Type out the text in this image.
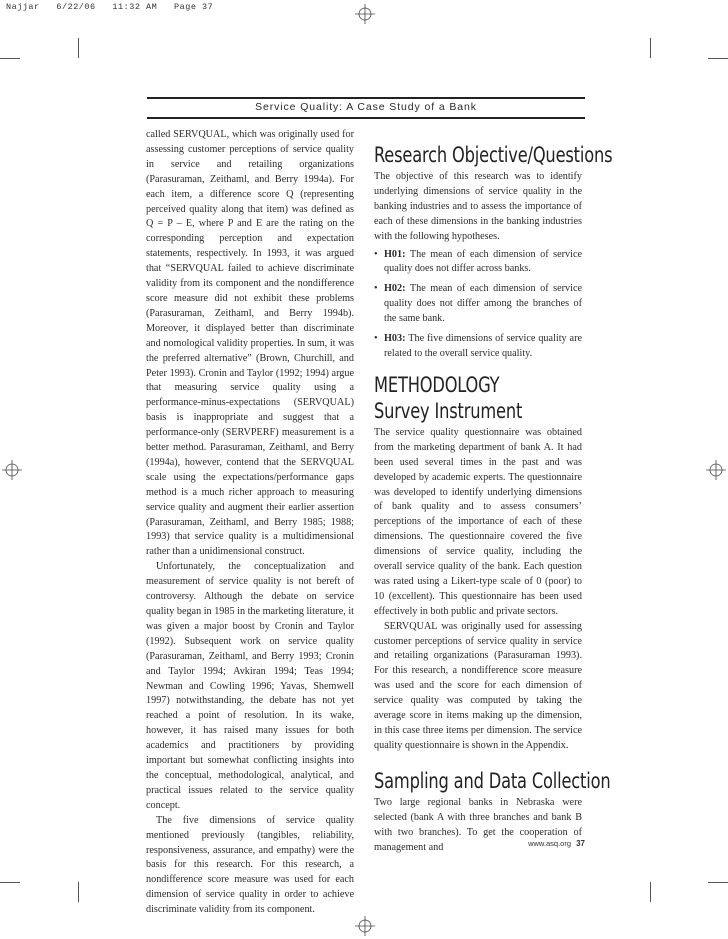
Najjar   6/22/06   11:32 AM   Page 37
Service Quality: A Case Study of a Bank

called SERVQUAL, which was originally used for assessing customer perceptions of service quality in service and retailing organizations (Parasuraman, Zeithaml, and Berry 1994a). For each item, a difference score Q (representing perceived quality along that item) was defined as Q = P – E, where P and E are the rating on the corresponding perception and expectation statements, respectively. In 1993, it was argued that “SERVQUAL failed to achieve discriminate validity from its component and the nondifference score measure did not exhibit these problems (Parasuraman, Zeithaml, and Berry 1994b). Moreover, it displayed better than discriminate and nomological validity properties. In sum, it was the preferred alternative” (Brown, Churchill, and Peter 1993). Cronin and Taylor (1992; 1994) argue that measuring service quality using a performance-minus-expectations (SERVQUAL) basis is inappropriate and suggest that a performance-only (SERVPERF) measurement is a better method. Parasuraman, Zeithaml, and Berry (1994a), however, contend that the SERVQUAL scale using the expectations/performance gaps method is a much richer approach to measuring service quality and augment their earlier assertion (Parasuraman, Zeithaml, and Berry 1985; 1988; 1993) that service quality is a multidimensional rather than a unidimensional construct.

Unfortunately, the conceptualization and measurement of service quality is not bereft of controversy. Although the debate on service quality began in 1985 in the marketing literature, it was given a major boost by Cronin and Taylor (1992). Subsequent work on service quality (Parasuraman, Zeithaml, and Berry 1993; Cronin and Taylor 1994; Avkiran 1994; Teas 1994; Newman and Cowling 1996; Yavas, Shemwell 1997) notwithstanding, the debate has not yet reached a point of resolution. In its wake, however, it has raised many issues for both academics and practitioners by providing important but somewhat conflicting insights into the conceptual, methodological, analytical, and practical issues related to the service quality concept.

The five dimensions of service quality mentioned previously (tangibles, reliability, responsiveness, assurance, and empathy) were the basis for this research. For this research, a nondifference score measure was used for each dimension of service quality in order to achieve discriminate validity from its component.

Research Objective/Questions

The objective of this research was to identify underlying dimensions of service quality in the banking industries and to assess the importance of each of these dimensions in the banking industries with the following hypotheses.

• H01: The mean of each dimension of service quality does not differ across banks.
• H02: The mean of each dimension of service quality does not differ among the branches of the same bank.
• H03: The five dimensions of service quality are related to the overall service quality.
METHODOLOGY
Survey Instrument

The service quality questionnaire was obtained from the marketing department of bank A. It had been used several times in the past and was developed by academic experts. The questionnaire was developed to identify underlying dimensions of bank quality and to assess consumers’ perceptions of the importance of each of these dimensions. The questionnaire covered the five dimensions of service quality, including the overall service quality of the bank. Each question was rated using a Likert-type scale of 0 (poor) to 10 (excellent). This questionnaire has been used effectively in both public and private sectors.

SERVQUAL was originally used for assessing customer perceptions of service quality in service and retailing organizations (Parasuraman 1993). For this research, a nondifference score measure was used and the score for each dimension of service quality was computed by taking the average score in items making up the dimension, in this case three items per dimension. The service quality questionnaire is shown in the Appendix.

Sampling and Data Collection

Two large regional banks in Nebraska were selected (bank A with three branches and bank B with two branches). To get the cooperation of management and	www.asq.org 37
